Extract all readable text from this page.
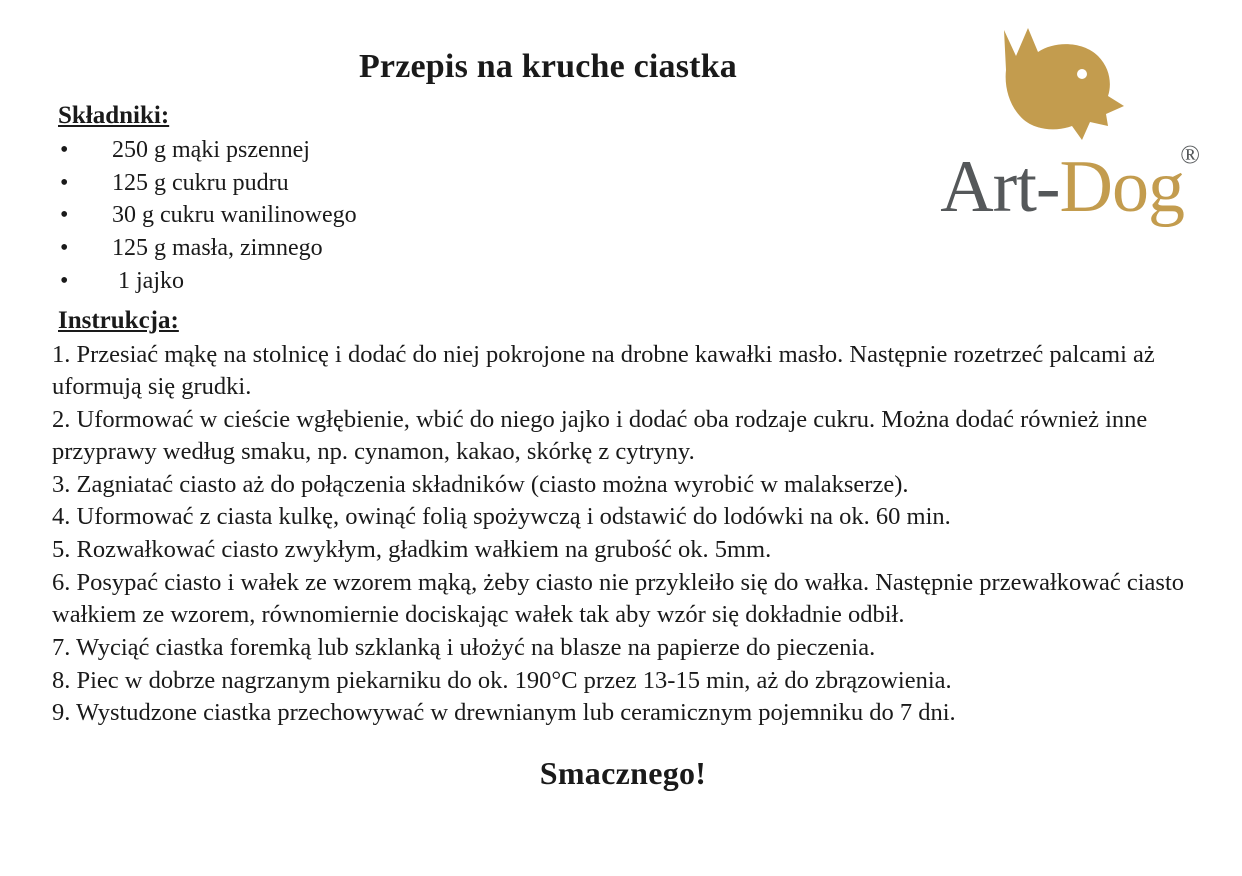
Art-Dog
®
Przepis na kruche ciastka
Składniki:
• 250 g mąki pszennej
• 125 g cukru pudru
• 30 g cukru wanilinowego
• 125 g masła, zimnego
• 1 jajko
Instrukcja:
1. Przesiać mąkę na stolnicę i dodać do niej pokrojone na drobne kawałki masło. Następnie rozetrzeć palcami aż uformują się grudki.
2. Uformować w cieście wgłębienie, wbić do niego jajko i dodać oba rodzaje cukru. Można dodać również inne przyprawy według smaku, np. cynamon, kakao, skórkę z cytryny.
3. Zagniatać ciasto aż do połączenia składników (ciasto można wyrobić w malakserze).
4. Uformować z ciasta kulkę, owinąć folią spożywczą i odstawić do lodówki na ok. 60 min.
5. Rozwałkować ciasto zwykłym, gładkim wałkiem na grubość ok. 5mm.
6. Posypać ciasto i wałek ze wzorem mąką, żeby ciasto nie przykleiło się do wałka. Następnie przewałkować ciasto wałkiem ze wzorem, równomiernie dociskając wałek tak aby wzór się dokładnie odbił.
7. Wyciąć ciastka foremką lub szklanką i ułożyć na blasze na papierze do pieczenia.
8. Piec w dobrze nagrzanym piekarniku do ok. 190°C przez 13-15 min, aż do zbrązowienia.
9. Wystudzone ciastka przechowywać w drewnianym lub ceramicznym pojemniku do 7 dni.
Smacznego!
